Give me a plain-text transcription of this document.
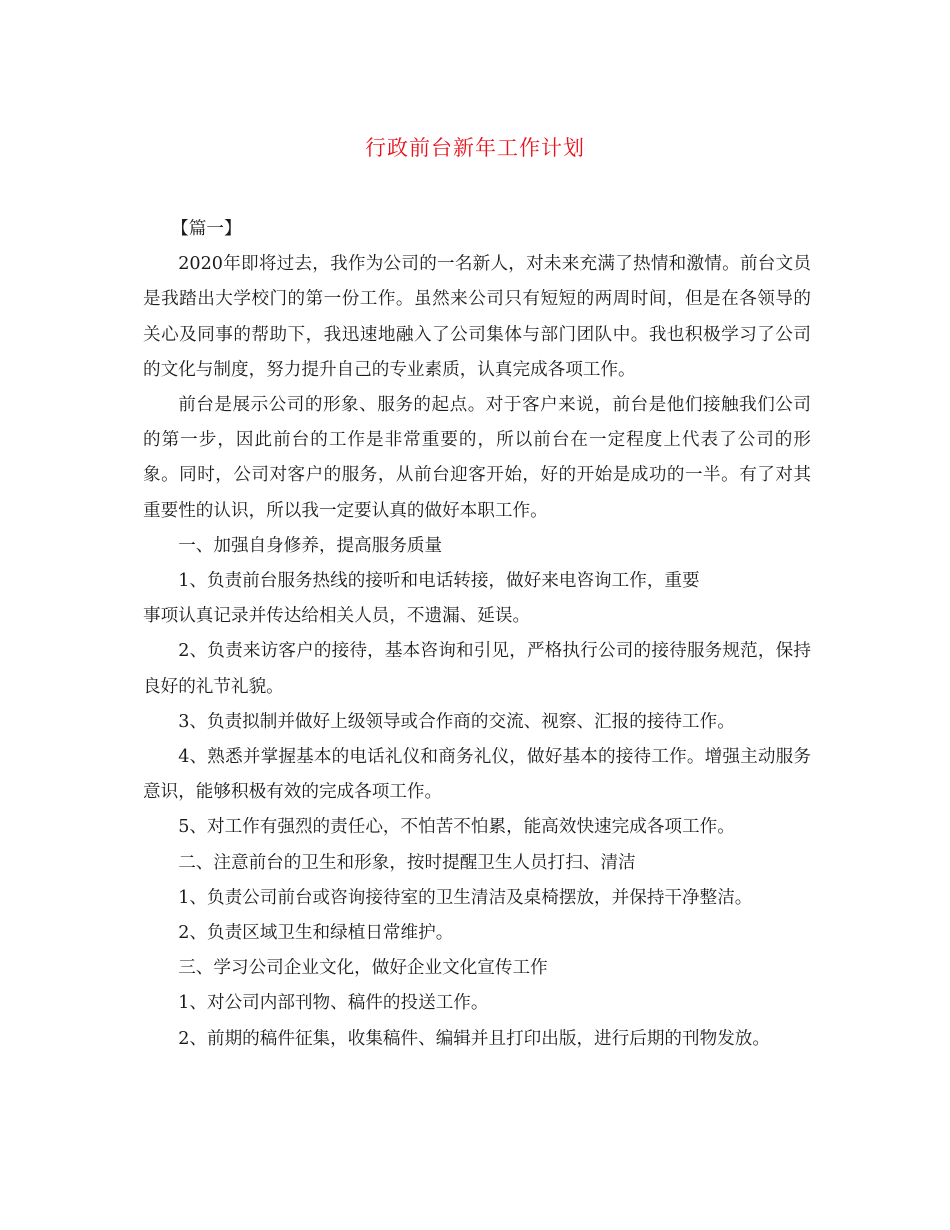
行政前台新年工作计划

【篇一】

2020年即将过去，我作为公司的一名新人，对未来充满了热情和激情。前台文员是我踏出大学校门的第一份工作。虽然来公司只有短短的两周时间，但是在各领导的关心及同事的帮助下，我迅速地融入了公司集体与部门团队中。我也积极学习了公司的文化与制度，努力提升自己的专业素质，认真完成各项工作。

前台是展示公司的形象、服务的起点。对于客户来说，前台是他们接触我们公司的第一步，因此前台的工作是非常重要的，所以前台在一定程度上代表了公司的形象。同时，公司对客户的服务，从前台迎客开始，好的开始是成功的一半。有了对其重要性的认识，所以我一定要认真的做好本职工作。

一、加强自身修养，提高服务质量

1、负责前台服务热线的接听和电话转接，做好来电咨询工作，重要

事项认真记录并传达给相关人员，不遗漏、延误。

2、负责来访客户的接待，基本咨询和引见，严格执行公司的接待服务规范，保持良好的礼节礼貌。

3、负责拟制并做好上级领导或合作商的交流、视察、汇报的接待工作。

4、熟悉并掌握基本的电话礼仪和商务礼仪，做好基本的接待工作。增强主动服务意识，能够积极有效的完成各项工作。

5、对工作有强烈的责任心，不怕苦不怕累，能高效快速完成各项工作。

二、注意前台的卫生和形象，按时提醒卫生人员打扫、清洁

1、负责公司前台或咨询接待室的卫生清洁及桌椅摆放，并保持干净整洁。

2、负责区域卫生和绿植日常维护。

三、学习公司企业文化，做好企业文化宣传工作

1、对公司内部刊物、稿件的投送工作。

2、前期的稿件征集，收集稿件、编辑并且打印出版，进行后期的刊物发放。
